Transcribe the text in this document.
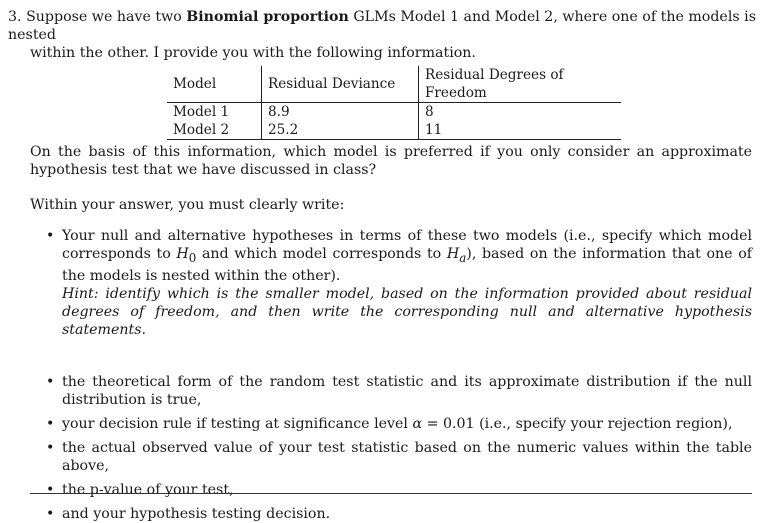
3. Suppose we have two Binomial proportion GLMs Model 1 and Model 2, where one of the models is nested
within the other. I provide you with the following information.
Model	Residual Deviance	Residual Degrees of Freedom
Model 1	8.9	8
Model 2	25.2	11
On the basis of this information, which model is preferred if you only consider an approximate hypothesis test that we have discussed in class?
Within your answer, you must clearly write:
• Your null and alternative hypotheses in terms of these two models (i.e., specify which model corresponds to $H_0$ and which model corresponds to $H_a$), based on the information that one of the models is nested within the other).
Hint: identify which is the smaller model, based on the information provided about residual degrees of freedom, and then write the corresponding null and alternative hypothesis statements.
• the theoretical form of the random test statistic and its approximate distribution if the null distribution is true,
• your decision rule if testing at significance level α = 0.01 (i.e., specify your rejection region),
• the actual observed value of your test statistic based on the numeric values within the table above,
• the p-value of your test,
• and your hypothesis testing decision.
